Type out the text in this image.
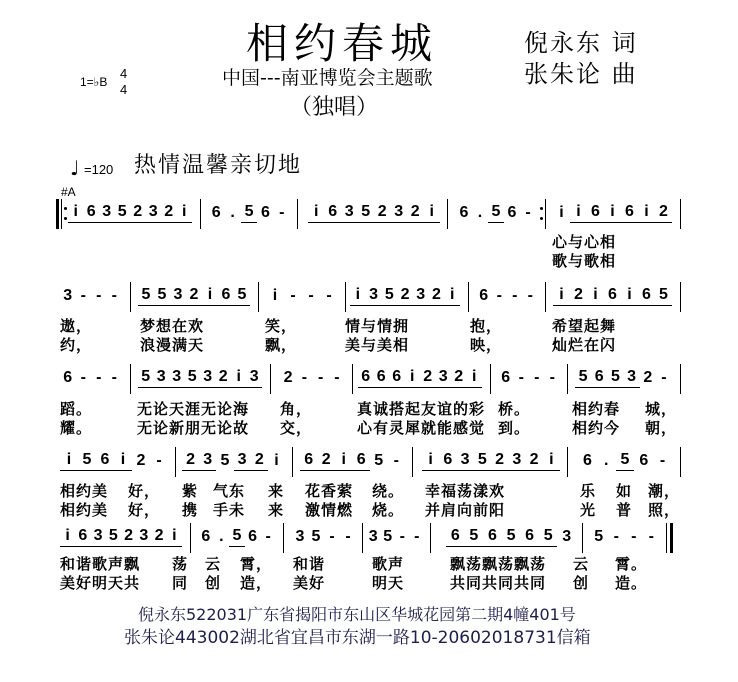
相约春城	倪永东 词
张朱论 曲
中国---南亚博览会主题歌
（独唱）
1=♭B
4
4
♩ =120 热情温馨亲切地
#A
i 6 3 5 2 3 2 i	6 . 5 6 -	i 6 3 5 2 3 2 i	6 . 5 6 -	i i 6 i 6 i 2
心与心相
歌与歌相
3 - - -	5 5 3 2 i 6 5	i - - -	i 3 5 2 3 2 i	6 - - -	i 2 i 6 i 6 5
遨，	梦想在欢	笑，	情与情拥	抱，	希望起舞
约，	浪漫满天	飘，	美与美相	映，	灿烂在闪
6 - - -	5 3 3 5 3 2 i 3 2 - - -	6 6 6 i 2 3 2 i	6 - - -	5 6 5 3 2 -
蹈。	无论天涯无论海 角，	真诚搭起友谊的彩 桥。	相约春 城，
耀。	无论新朋无论故 交，	心有灵犀就能感觉 到。	相约今 朝，
i 5 6 i 2 -	2 3 5 3 2 i	6 2 i 6 5 -	i 6 3 5 2 3 2 i	6 . 5 6 -
相约美 好， 紫 气东 来 花香萦 绕。 幸福荡漾欢	乐 如 潮，
相约美 好， 携 手未 来 激情燃 烧。 并肩向前阳	光 普 照，
i 6 3 5 2 3 2 i	6 . 5 6 -	3 5 - -	3 5 - -	6 5 6 5 6 5 3	5 - - -
和谐歌声飘 荡 云 霄， 和谐	歌声	飘荡飘荡飘荡 云 霄。
美好明天共 同 创 造， 美好	明天	共同共同共同 创 造。
倪永东522031广东省揭阳市东山区华城花园第二期4幢401号
张朱论443002湖北省宜昌市东湖一路10-20602018731信箱
